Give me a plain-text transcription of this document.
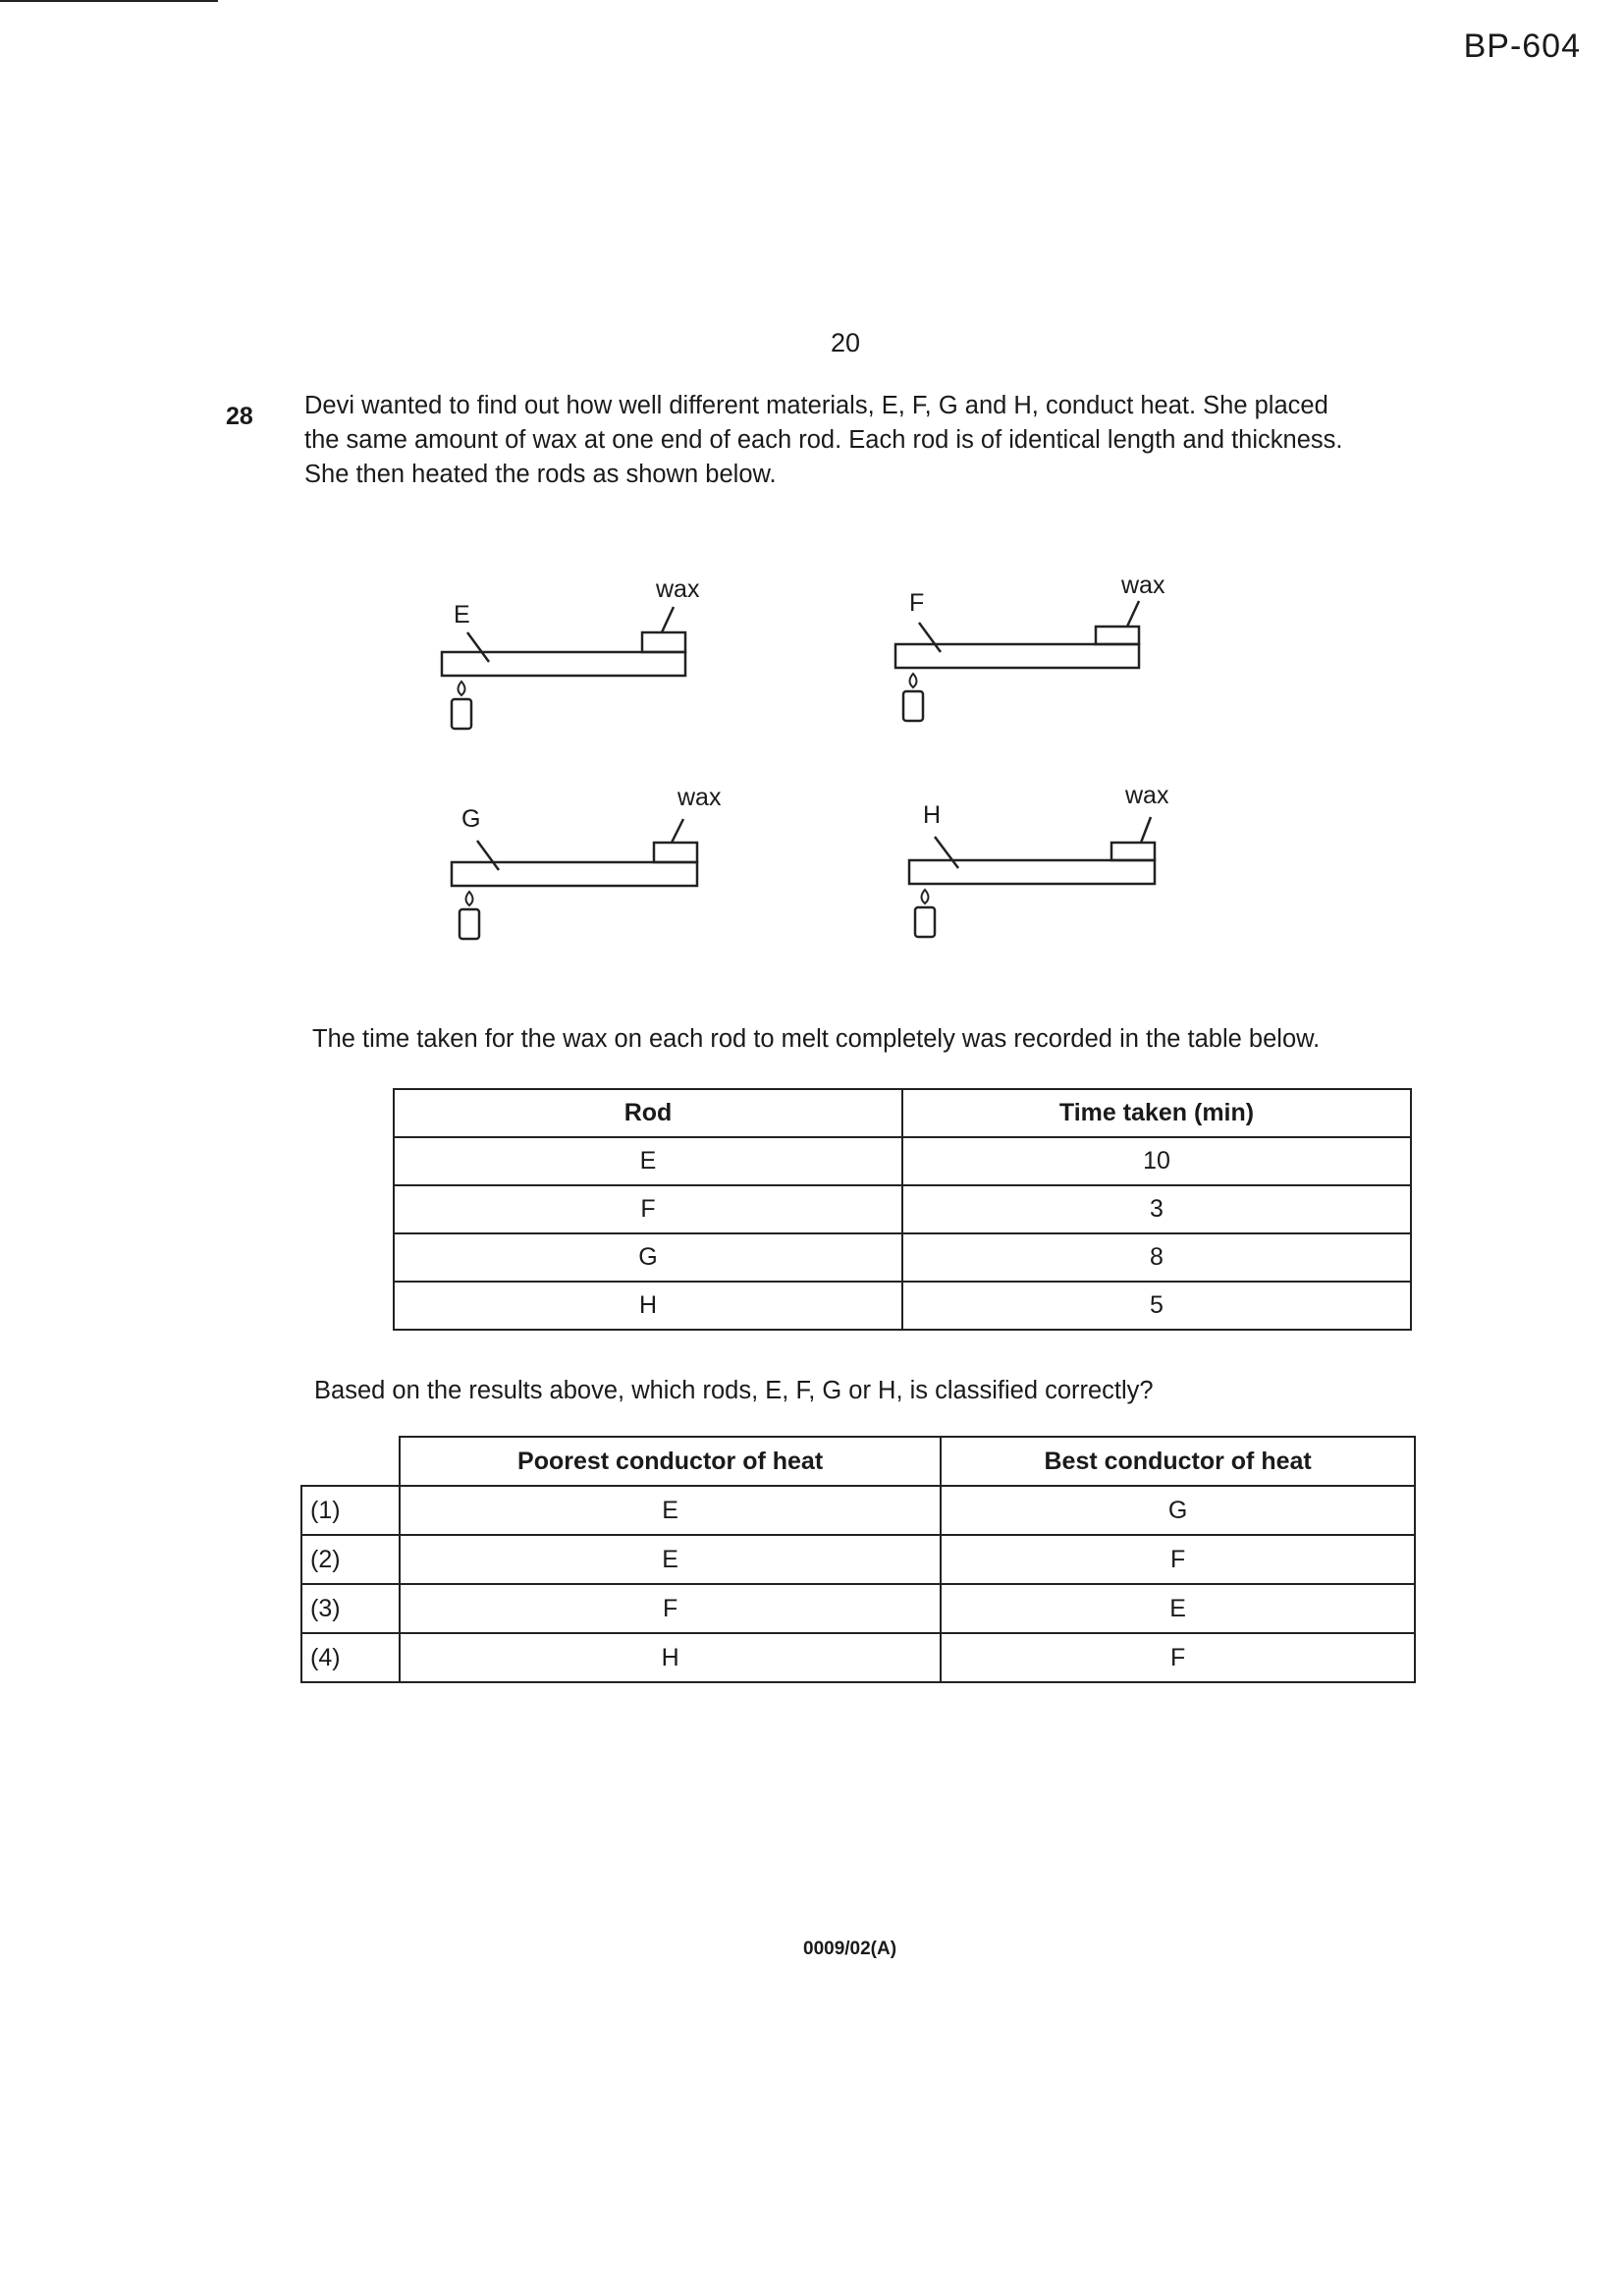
BP-604
20
28 Devi wanted to find out how well different materials, E, F, G and H, conduct heat. She placed
the same amount of wax at one end of each rod. Each rod is of identical length and thickness.
She then heated the rods as shown below.
E
wax	F
wax
G
wax
H
wax
The time taken for the wax on each rod to melt completely was recorded in the table below.
Rod	Time taken (min)
E	10
F	3
G	8
H	5
Based on the results above, which rods, E, F, G or H, is classified correctly?
	Poorest conductor of heat	Best conductor of heat
(1)	E	G
(2)	E	F
(3)	F	E
(4)	H	F
0009/02(A)
